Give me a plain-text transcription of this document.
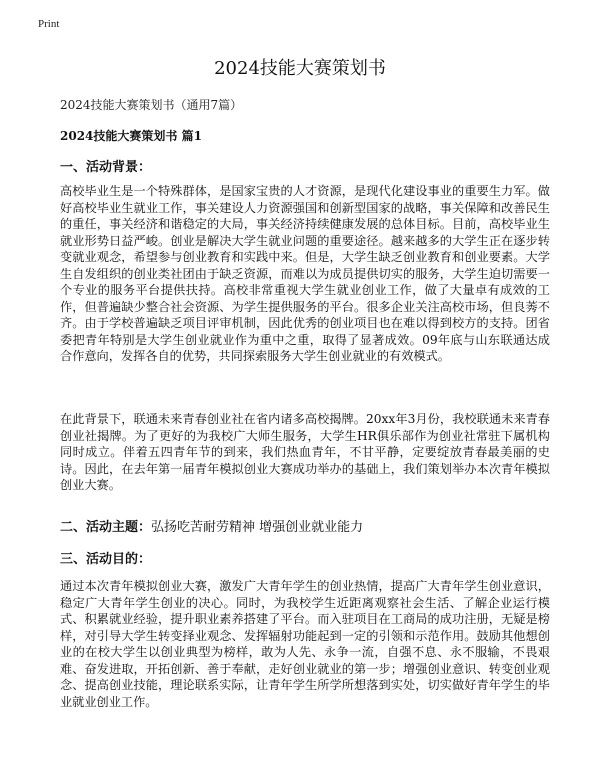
Print
2024技能大赛策划书
2024技能大赛策划书（通用7篇）
2024技能大赛策划书 篇1
一、活动背景：

高校毕业生是一个特殊群体，是国家宝贵的人才资源，是现代化建设事业的重要生力军。做好高校毕业生就业工作，事关建设人力资源强国和创新型国家的战略，事关保障和改善民生的重任，事关经济和谐稳定的大局，事关经济持续健康发展的总体目标。目前，高校毕业生就业形势日益严峻。创业是解决大学生就业问题的重要途径。越来越多的大学生正在逐步转变就业观念，希望参与创业教育和实践中来。但是，大学生缺乏创业教育和创业要素。大学生自发组织的创业类社团由于缺乏资源，而难以为成员提供切实的服务，大学生迫切需要一个专业的服务平台提供扶持。高校非常重视大学生就业创业工作，做了大量卓有成效的工作，但普遍缺少整合社会资源、为学生提供服务的平台。很多企业关注高校市场，但良莠不齐。由于学校普遍缺乏项目评审机制，因此优秀的创业项目也在难以得到校方的支持。团省委把青年特别是大学生创业就业作为重中之重，取得了显著成效。09年底与山东联通达成合作意向，发挥各自的优势，共同探索服务大学生创业就业的有效模式。

在此背景下，联通未来青春创业社在省内诸多高校揭牌。20xx年3月份，我校联通未来青春创业社揭牌。为了更好的为我校广大师生服务，大学生HR俱乐部作为创业社常驻下属机构同时成立。伴着五四青年节的到来，我们热血青年，不甘平静，定要绽放青春最美丽的史诗。因此，在去年第一届青年模拟创业大赛成功举办的基础上，我们策划举办本次青年模拟创业大赛。

二、活动主题：弘扬吃苦耐劳精神 增强创业就业能力
三、活动目的：

通过本次青年模拟创业大赛，激发广大青年学生的创业热情，提高广大青年学生创业意识，稳定广大青年学生创业的决心。同时，为我校学生近距离观察社会生活、了解企业运行模式、积累就业经验，提升职业素养搭建了平台。而入驻项目在工商局的成功注册，无疑是榜样，对引导大学生转变择业观念、发挥辐射功能起到一定的引领和示范作用。鼓励其他想创业的在校大学生以创业典型为榜样，敢为人先、永争一流，自强不息、永不服输，不畏艰难、奋发进取，开拓创新、善于奉献，走好创业就业的第一步；增强创业意识、转变创业观念、提高创业技能，理论联系实际，让青年学生所学所想落到实处，切实做好青年学生的毕业就业创业工作。
